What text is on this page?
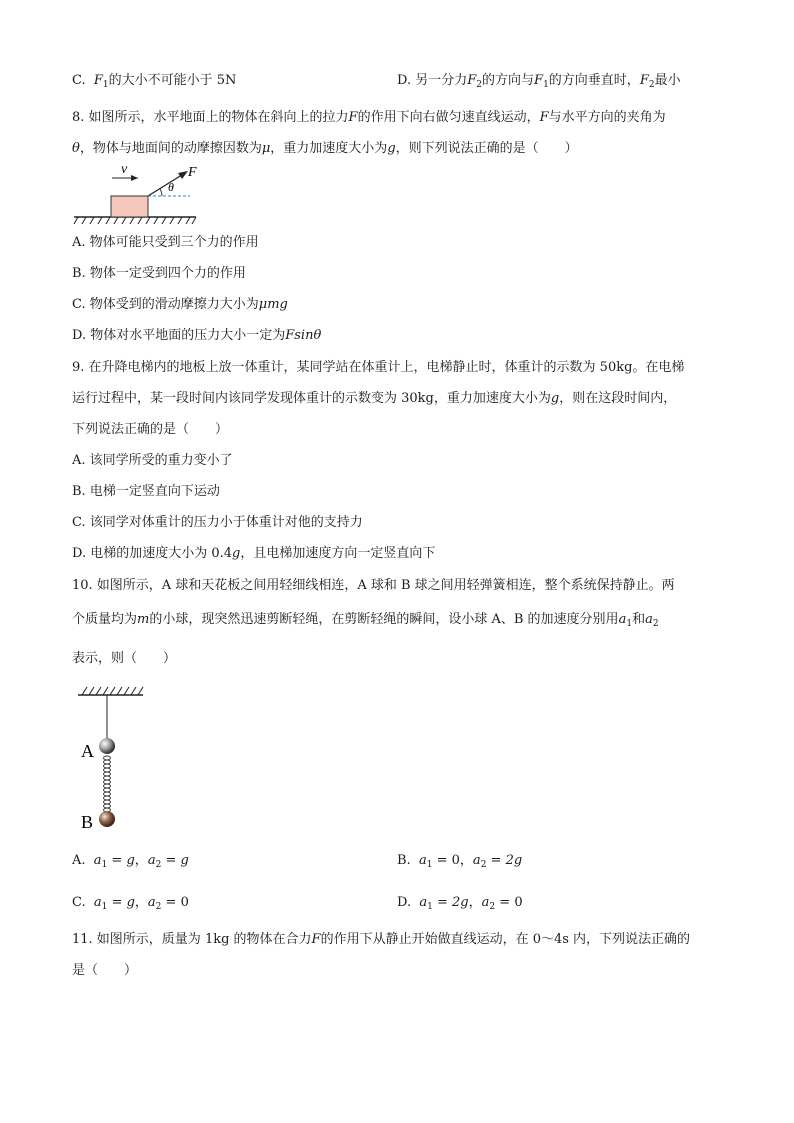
C. $F_1$的大小不可能小于 5N	D. 另一分力$F_2$的方向与$F_1$的方向垂直时，$F_2$最小
8. 如图所示，水平地面上的物体在斜向上的拉力F的作用下向右做匀速直线运动，F与水平方向的夹角为
θ，物体与地面间的动摩擦因数为μ，重力加速度大小为g，则下列说法正确的是（　　）
v	F
θ
A. 物体可能只受到三个力的作用
B. 物体一定受到四个力的作用
C. 物体受到的滑动摩擦力大小为μmg
D. 物体对水平地面的压力大小一定为Fsinθ
9. 在升降电梯内的地板上放一体重计，某同学站在体重计上，电梯静止时，体重计的示数为 50kg。在电梯
运行过程中，某一段时间内该同学发现体重计的示数变为 30kg，重力加速度大小为g，则在这段时间内，
下列说法正确的是（　　）
A. 该同学所受的重力变小了
B. 电梯一定竖直向下运动
C. 该同学对体重计的压力小于体重计对他的支持力
D. 电梯的加速度大小为 0.4g，且电梯加速度方向一定竖直向下
10. 如图所示，A 球和天花板之间用轻细线相连，A 球和 B 球之间用轻弹簧相连，整个系统保持静止。两
个质量均为m的小球，现突然迅速剪断轻绳，在剪断轻绳的瞬间，设小球 A、B 的加速度分别用$a_1$和$a_2$
表示，则（　　）
A
B
A. $a_1 = g$，$a_2 = g$	B. $a_1 = 0$，$a_2 = 2g$
C. $a_1 = g$，$a_2 = 0$	D. $a_1 = 2g$，$a_2 = 0$
11. 如图所示，质量为 1kg 的物体在合力F的作用下从静止开始做直线运动，在 0～4s 内，下列说法正确的
是（　　）
